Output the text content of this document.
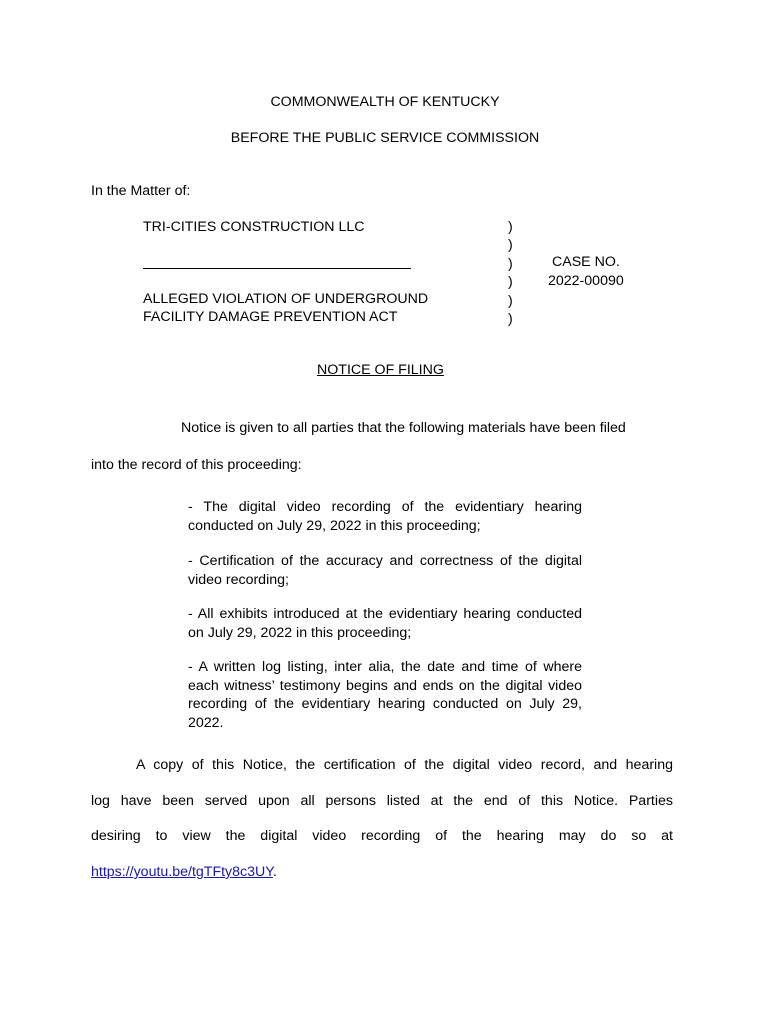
COMMONWEALTH OF KENTUCKY
BEFORE THE PUBLIC SERVICE COMMISSION
In the Matter of:
TRI-CITIES CONSTRUCTION LLC
ALLEGED VIOLATION OF UNDERGROUND
FACILITY DAMAGE PREVENTION ACT
)
)
)
)
)
)
CASE NO.
2022-00090
NOTICE OF FILING
Notice is given to all parties that the following materials have been filed
into the record of this proceeding:
- The digital video recording of the evidentiary hearing conducted on July 29, 2022 in this proceeding;
- Certification of the accuracy and correctness of the digital video recording;
- All exhibits introduced at the evidentiary hearing conducted on July 29, 2022 in this proceeding;
- A written log listing, inter alia, the date and time of where each witness’ testimony begins and ends on the digital video recording of the evidentiary hearing conducted on July 29, 2022.
A copy of this Notice, the certification of the digital video record, and hearing
log have been served upon all persons listed at the end of this Notice. Parties
desiring to view the digital video recording of the hearing may do so at
https://youtu.be/tgTFty8c3UY.
